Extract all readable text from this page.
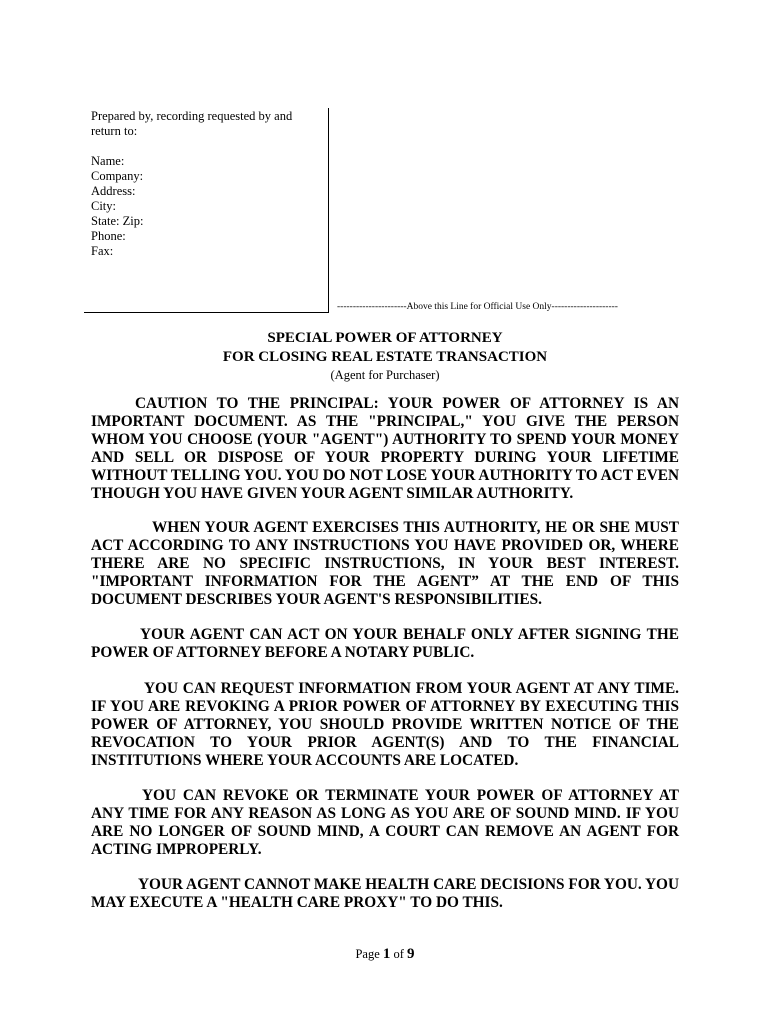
Prepared by, recording requested by and
return to:
Name:
Company:
Address:
City:
State: Zip:
Phone:
Fax:
----------------------Above this Line for Official Use Only---------------------
SPECIAL POWER OF ATTORNEY
FOR CLOSING REAL ESTATE TRANSACTION
(Agent for Purchaser)

CAUTION TO THE PRINCIPAL: YOUR POWER OF ATTORNEY IS AN IMPORTANT DOCUMENT. AS THE "PRINCIPAL," YOU GIVE THE PERSON WHOM YOU CHOOSE (YOUR "AGENT") AUTHORITY TO SPEND YOUR MONEY AND SELL OR DISPOSE OF YOUR PROPERTY DURING YOUR LIFETIME WITHOUT TELLING YOU. YOU DO NOT LOSE YOUR AUTHORITY TO ACT EVEN THOUGH YOU HAVE GIVEN YOUR AGENT SIMILAR AUTHORITY.

WHEN YOUR AGENT EXERCISES THIS AUTHORITY, HE OR SHE MUST ACT ACCORDING TO ANY INSTRUCTIONS YOU HAVE PROVIDED OR, WHERE THERE ARE NO SPECIFIC INSTRUCTIONS, IN YOUR BEST INTEREST. "IMPORTANT INFORMATION FOR THE AGENT” AT THE END OF THIS DOCUMENT DESCRIBES YOUR AGENT'S RESPONSIBILITIES.

YOUR AGENT CAN ACT ON YOUR BEHALF ONLY AFTER SIGNING THE POWER OF ATTORNEY BEFORE A NOTARY PUBLIC.

YOU CAN REQUEST INFORMATION FROM YOUR AGENT AT ANY TIME. IF YOU ARE REVOKING A PRIOR POWER OF ATTORNEY BY EXECUTING THIS POWER OF ATTORNEY, YOU SHOULD PROVIDE WRITTEN NOTICE OF THE REVOCATION TO YOUR PRIOR AGENT(S) AND TO THE FINANCIAL INSTITUTIONS WHERE YOUR ACCOUNTS ARE LOCATED.

YOU CAN REVOKE OR TERMINATE YOUR POWER OF ATTORNEY AT ANY TIME FOR ANY REASON AS LONG AS YOU ARE OF SOUND MIND. IF YOU ARE NO LONGER OF SOUND MIND, A COURT CAN REMOVE AN AGENT FOR ACTING IMPROPERLY.

YOUR AGENT CANNOT MAKE HEALTH CARE DECISIONS FOR YOU. YOU MAY EXECUTE A "HEALTH CARE PROXY" TO DO THIS.

Page 1 of 9
